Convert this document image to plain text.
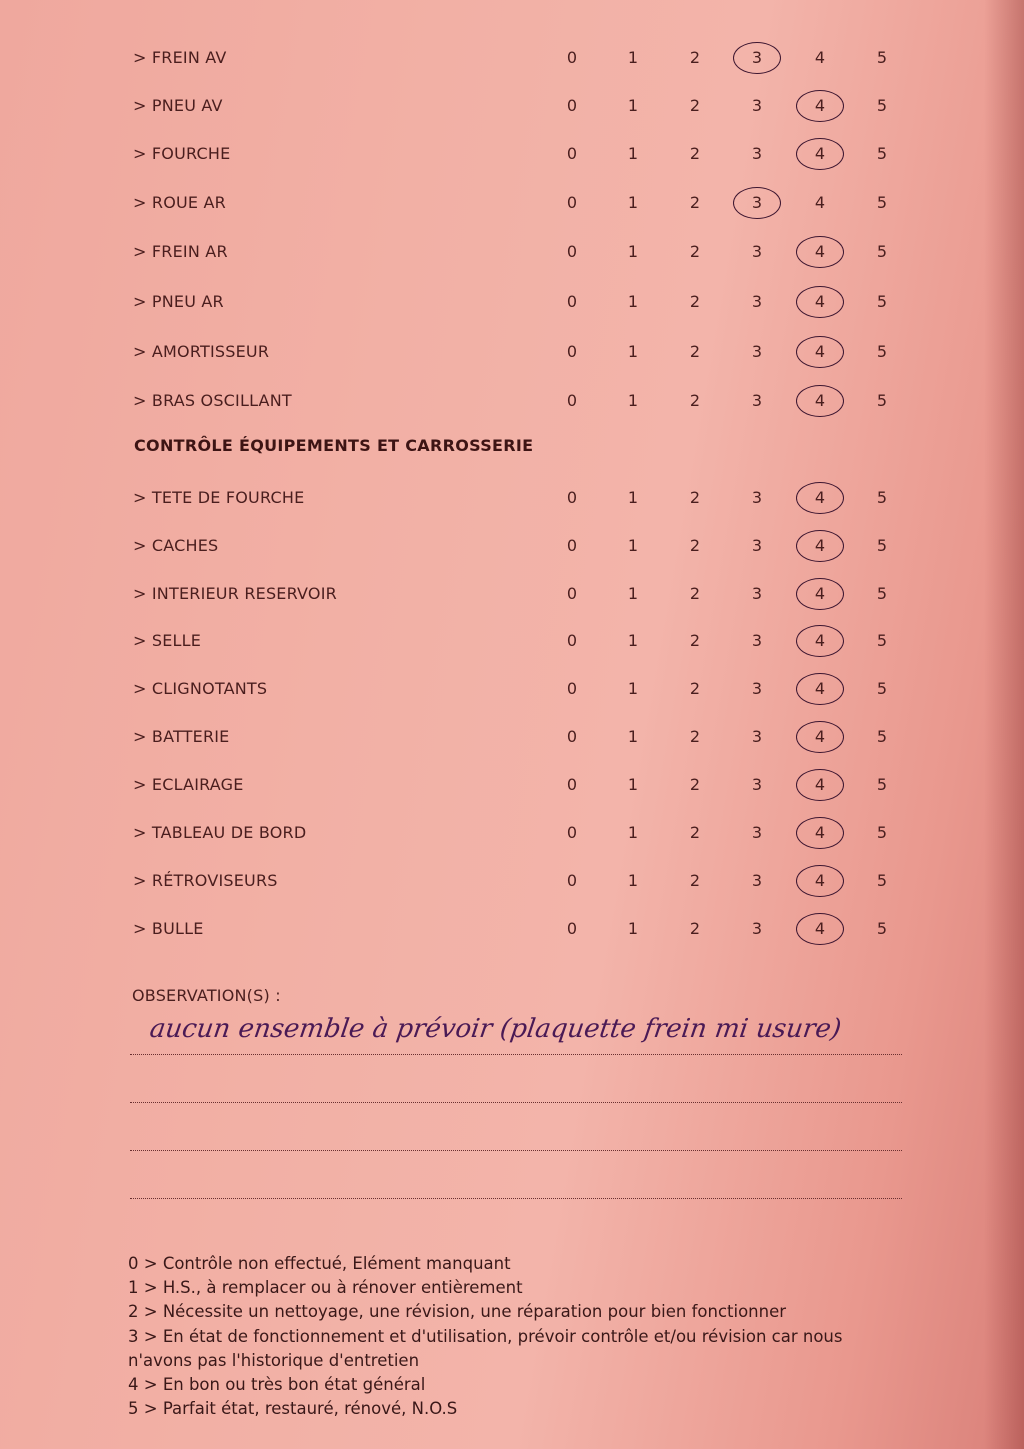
> FREIN AV	0	1	2	3	4	5
> PNEU AV	0	1	2	3	4	5
> FOURCHE	0	1	2	3	4	5
> ROUE AR	0	1	2	3	4	5
> FREIN AR	0	1	2	3	4	5
> PNEU AR	0	1	2	3	4	5
> AMORTISSEUR	0	1	2	3	4	5
> BRAS OSCILLANT	0	1	2	3	4	5
> TETE DE FOURCHE	0	1	2	3	4	5
> CACHES	0	1	2	3	4	5
> INTERIEUR RESERVOIR	0	1	2	3	4	5
> SELLE	0	1	2	3	4	5
> CLIGNOTANTS	0	1	2	3	4	5
> BATTERIE	0	1	2	3	4	5
> ECLAIRAGE	0	1	2	3	4	5
> TABLEAU DE BORD	0	1	2	3	4	5
> RÉTROVISEURS	0	1	2	3	4	5
> BULLE	0	1	2	3	4	5
CONTRÔLE ÉQUIPEMENTS ET CARROSSERIE
OBSERVATION(S) :
aucun ensemble à prévoir (plaquette frein mi usure)
0 > Contrôle non effectué, Elément manquant
1 > H.S., à remplacer ou à rénover entièrement
2 > Nécessite un nettoyage, une révision, une réparation pour bien fonctionner
3 > En état de fonctionnement et d'utilisation, prévoir contrôle et/ou révision car nous
n'avons pas l'historique d'entretien
4 > En bon ou très bon état général
5 > Parfait état, restauré, rénové, N.O.S
